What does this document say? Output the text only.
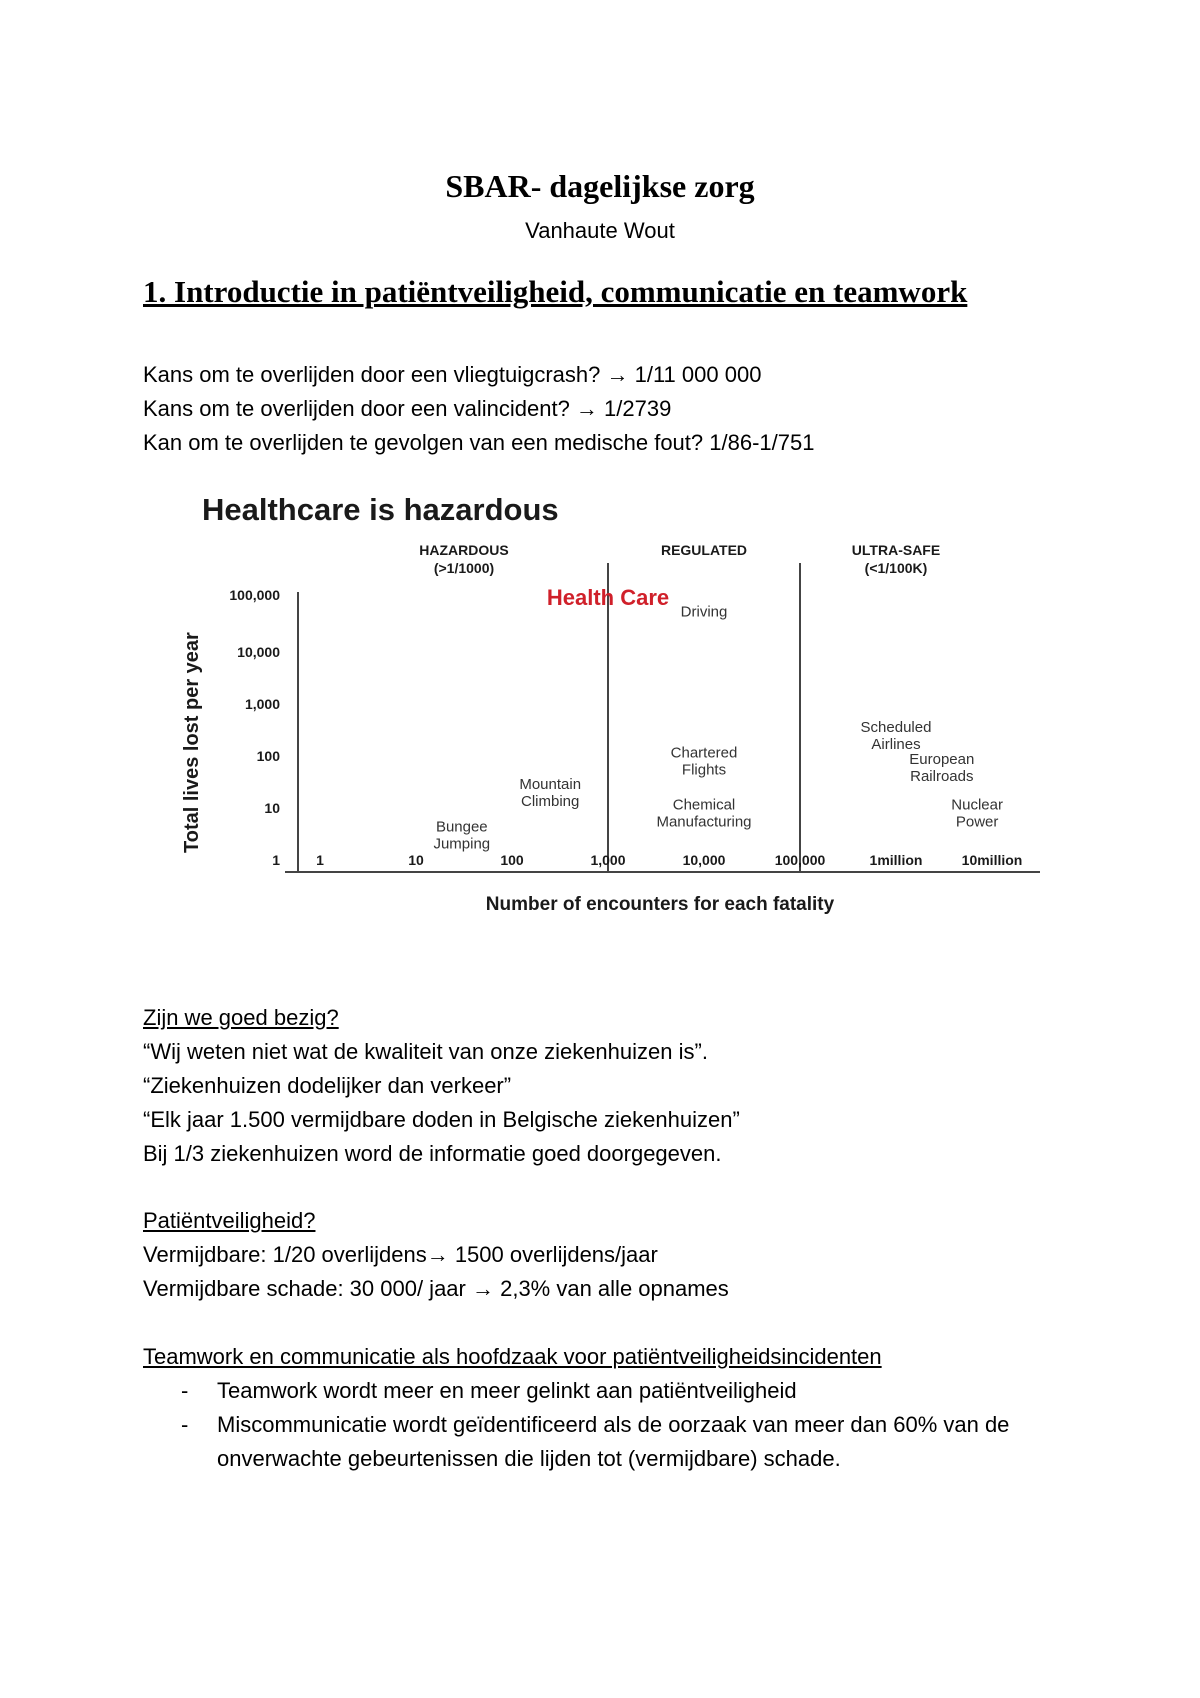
SBAR- dagelijkse zorg
Vanhaute Wout
1. Introductie in patiëntveiligheid, communicatie en teamwork
Kans om te overlijden door een vliegtuigcrash? → 1/11 000 000
Kans om te overlijden door een valincident? → 1/2739
Kan om te overlijden te gevolgen van een medische fout? 1/86-1/751
Healthcare is hazardous
HAZARDOUS
(>1/1000)
REGULATED	ULTRA-SAFE
(<1/100K)
Total lives lost per year
100,000
10,000
1,000
100
10
1	1	10	100	1,000	10,000	100,000	1million	10million
Health Care
Driving
Scheduled Airlines
European Railroads
Nuclear Power
Chartered Flights
Chemical Manufacturing
Mountain Climbing
Bungee Jumping
Number of encounters for each fatality
Zijn we goed bezig?
“Wij weten niet wat de kwaliteit van onze ziekenhuizen is”.
“Ziekenhuizen dodelijker dan verkeer”
“Elk jaar 1.500 vermijdbare doden in Belgische ziekenhuizen”
Bij 1/3 ziekenhuizen word de informatie goed doorgegeven.
Patiëntveiligheid?
Vermijdbare: 1/20 overlijdens→ 1500 overlijdens/jaar
Vermijdbare schade: 30 000/ jaar → 2,3% van alle opnames
Teamwork en communicatie als hoofdzaak voor patiëntveiligheidsincidenten
- Teamwork wordt meer en meer gelinkt aan patiëntveiligheid
- Miscommunicatie wordt geïdentificeerd als de oorzaak van meer dan 60% van de onverwachte gebeurtenissen die lijden tot (vermijdbare) schade.
